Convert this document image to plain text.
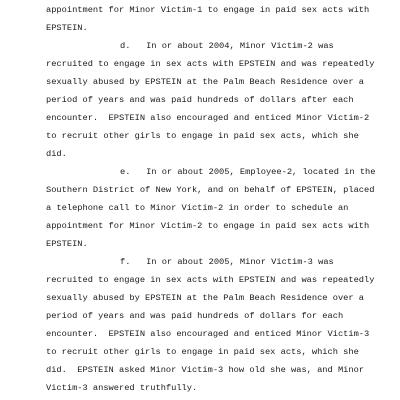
appointment for Minor Victim-1 to engage in paid sex acts with
EPSTEIN.
d.   In or about 2004, Minor Victim-2 was
recruited to engage in sex acts with EPSTEIN and was repeatedly
sexually abused by EPSTEIN at the Palm Beach Residence over a
period of years and was paid hundreds of dollars after each
encounter.  EPSTEIN also encouraged and enticed Minor Victim-2
to recruit other girls to engage in paid sex acts, which she
did.
e.   In or about 2005, Employee-2, located in the
Southern District of New York, and on behalf of EPSTEIN, placed
a telephone call to Minor Victim-2 in order to schedule an
appointment for Minor Victim-2 to engage in paid sex acts with
EPSTEIN.
f.   In or about 2005, Minor Victim-3 was
recruited to engage in sex acts with EPSTEIN and was repeatedly
sexually abused by EPSTEIN at the Palm Beach Residence over a
period of years and was paid hundreds of dollars for each
encounter.  EPSTEIN also encouraged and enticed Minor Victim-3
to recruit other girls to engage in paid sex acts, which she
did.  EPSTEIN asked Minor Victim-3 how old she was, and Minor
Victim-3 answered truthfully.
